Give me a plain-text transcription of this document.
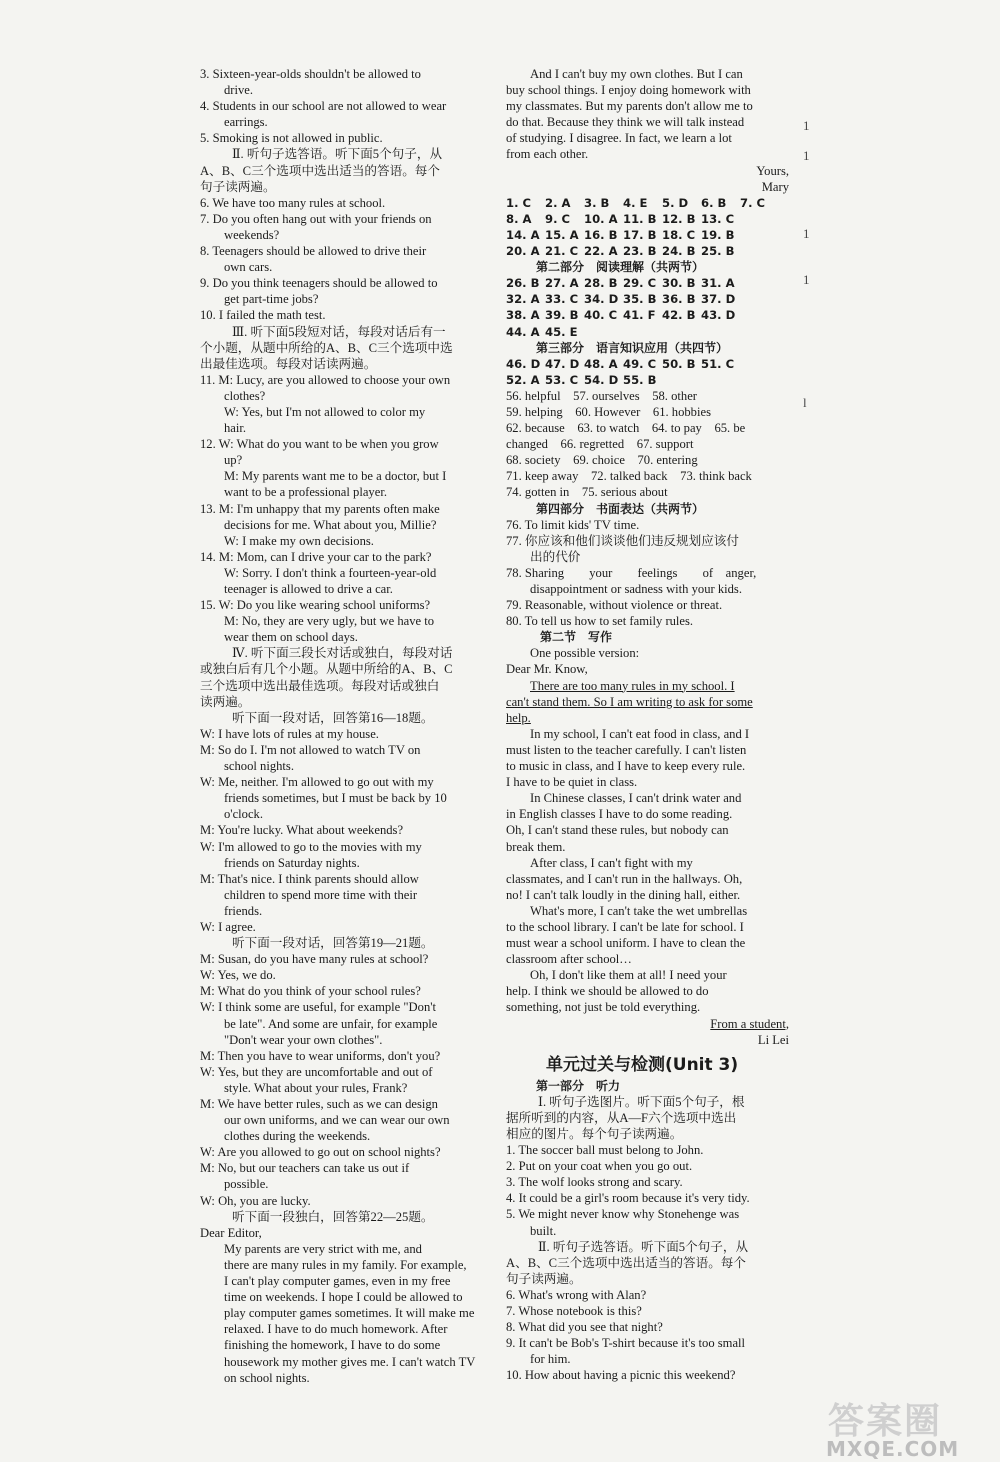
3. Sixteen-year-olds shouldn't be allowed to
drive.
4. Students in our school are not allowed to wear
earrings.
5. Smoking is not allowed in public.
Ⅱ. 听句子选答语。听下面5个句子，从
A、B、C三个选项中选出适当的答语。每个
句子读两遍。
6. We have too many rules at school.
7. Do you often hang out with your friends on
weekends?
8. Teenagers should be allowed to drive their
own cars.
9. Do you think teenagers should be allowed to
get part-time jobs?
10. I failed the math test.
Ⅲ. 听下面5段短对话，每段对话后有一
个小题，从题中所给的A、B、C三个选项中选
出最佳选项。每段对话读两遍。
11. M: Lucy, are you allowed to choose your own
clothes?
W: Yes, but I'm not allowed to color my
hair.
12. W: What do you want to be when you grow
up?
M: My parents want me to be a doctor, but I
want to be a professional player.
13. M: I'm unhappy that my parents often make
decisions for me. What about you, Millie?
W: I make my own decisions.
14. M: Mom, can I drive your car to the park?
W: Sorry. I don't think a fourteen-year-old
teenager is allowed to drive a car.
15. W: Do you like wearing school uniforms?
M: No, they are very ugly, but we have to
wear them on school days.
Ⅳ. 听下面三段长对话或独白，每段对话
或独白后有几个小题。从题中所给的A、B、C
三个选项中选出最佳选项。每段对话或独白
读两遍。
听下面一段对话，回答第16—18题。
W: I have lots of rules at my house.
M: So do I. I'm not allowed to watch TV on
school nights.
W: Me, neither. I'm allowed to go out with my
friends sometimes, but I must be back by 10
o'clock.
M: You're lucky. What about weekends?
W: I'm allowed to go to the movies with my
friends on Saturday nights.
M: That's nice. I think parents should allow
children to spend more time with their
friends.
W: I agree.
听下面一段对话，回答第19—21题。
M: Susan, do you have many rules at school?
W: Yes, we do.
M: What do you think of your school rules?
W: I think some are useful, for example "Don't
be late". And some are unfair, for example
"Don't wear your own clothes".
M: Then you have to wear uniforms, don't you?
W: Yes, but they are uncomfortable and out of
style. What about your rules, Frank?
M: We have better rules, such as we can design
our own uniforms, and we can wear our own
clothes during the weekends.
W: Are you allowed to go out on school nights?
M: No, but our teachers can take us out if
possible.
W: Oh, you are lucky.
听下面一段独白，回答第22—25题。
Dear Editor,
My parents are very strict with me, and
there are many rules in my family. For example,
I can't play computer games, even in my free
time on weekends. I hope I could be allowed to
play computer games sometimes. It will make me
relaxed. I have to do much homework. After
finishing the homework, I have to do some
housework my mother gives me. I can't watch TV
on school nights.
And I can't buy my own clothes. But I can
buy school things. I enjoy doing homework with
my classmates. But my parents don't allow me to
do that. Because they think we will talk instead
of studying. I disagree. In fact, we learn a lot
from each other.
Yours,
Mary
1. C	2. A	3. B	4. E	5. D	6. B	7. C
8. A	9. C	10. A 11. B 12. B 13. C
14. A 15. A 16. B 17. B 18. C 19. B
20. A 21. C 22. A 23. B 24. B 25. B
第二部分　阅读理解（共两节）
26. B 27. A 28. B 29. C 30. B 31. A
32. A 33. C 34. D 35. B 36. B 37. D
38. A 39. B 40. C 41. F 42. B 43. D
44. A 45. E
第三部分　语言知识应用（共四节）
46. D 47. D 48. A 49. C 50. B 51. C
52. A 53. C 54. D 55. B
56. helpful　57. ourselves　58. other
59. helping　60. However　61. hobbies
62. because　63. to watch　64. to pay　65. be
changed　66. regretted　67. support
68. society　69. choice　70. entering
71. keep away　72. talked back　73. think back
74. gotten in　75. serious about
第四部分　书面表达（共两节）
76. To limit kids' TV time.
77. 你应该和他们谈谈他们违反规划应该付
出的代价
78. Sharing　　your　　feelings　　of　anger,
disappointment or sadness with your kids.
79. Reasonable, without violence or threat.
80. To tell us how to set family rules.
第二节　写作
One possible version:
Dear Mr. Know,
There are too many rules in my school. I
can't stand them. So I am writing to ask for some
help.
In my school, I can't eat food in class, and I
must listen to the teacher carefully. I can't listen
to music in class, and I have to keep every rule.
I have to be quiet in class.
In Chinese classes, I can't drink water and
in English classes I have to do some reading.
Oh, I can't stand these rules, but nobody can
break them.
After class, I can't fight with my
classmates, and I can't run in the hallways. Oh,
no! I can't talk loudly in the dining hall, either.
What's more, I can't take the wet umbrellas
to the school library. I can't be late for school. I
must wear a school uniform. I have to clean the
classroom after school…
Oh, I don't like them at all! I need your
help. I think we should be allowed to do
something, not just be told everything.
From a student,
Li Lei
单元过关与检测(Unit 3)
第一部分　听力
Ⅰ. 听句子选图片。听下面5个句子，根
据所听到的内容，从A—F六个选项中选出
相应的图片。每个句子读两遍。
1. The soccer ball must belong to John.
2. Put on your coat when you go out.
3. The wolf looks strong and scary.
4. It could be a girl's room because it's very tidy.
5. We might never know why Stonehenge was
built.
Ⅱ. 听句子选答语。听下面5个句子，从
A、B、C三个选项中选出适当的答语。每个
句子读两遍。
6. What's wrong with Alan?
7. Whose notebook is this?
8. What did you see that night?
9. It can't be Bob's T-shirt because it's too small
for him.
10. How about having a picnic this weekend?
1
1
1
1
l
答案圈
MXQE.COM
